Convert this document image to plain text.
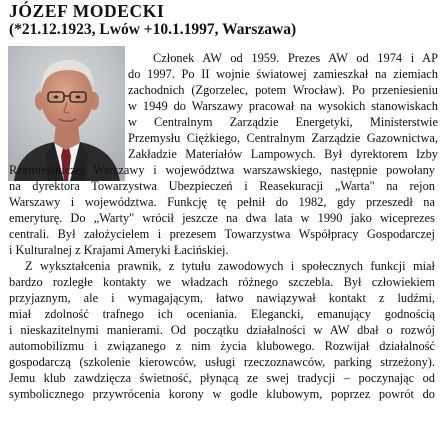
JÓZEF MODECKI

(*21.12.1923, Lwów +10.1.1997, Warszawa)

Członek AW od 1959. Prezes AW od 1974 i AP
do 1997. Po II wojnie światowej zamieszkał na ziemiach
zachodnich (Zgorzelec, potem Wrocław). Po przeniesieniu
w 1949 do Warszawy pracował na wysokich stanowiskach
w Centralnym Zarządzie Energetyki, Ministerstwie
Przemysłu Ciężkiego, Centralnym Zarządzie Gazownictwa,
Zakładzie Materiałów Lampowych. Był dyrektorem Izby
Rzemieślniczej Warszawy i województwa warszawskiego, następnie powołany
na dyrektora Towarzystwa Ubezpieczeń i Reasekuracji „Warta" na rejon
Warszawy i województwa. Funkcję tę pełnił do 1982, gdy przeszedł na
emeryturę. Do „Warty" wrócił jeszcze na dwa lata w 1990 jako wiceprezes
centrali. Był założycielem i prezesem Towarzystwa Współpracy Gospodarczej
i Kulturalnej z Krajami Ameryki Łacińskiej.
Z wykształcenia prawnik, z tytułu zawodowych i społecznych funkcji miał
bardzo rozległe kontakty we władzach różnego szczebla. Był człowiekiem
przyjaznym, ale i wymagającym, łatwo nawiązywał kontakt z ludźmi,
miał zdolność trafnego ich oceniania. Elegancki, emanujący godnością
i nieskazitelnymi manierami. Od początku działalności w AW dbał o rozwój
automobilizmu i związanego z nim życia klubowego. Rozwijał działalność
gospodarczą (szkolenie kierowców, usługi rzeczoznawców, parking strzeżony).
Jemu klub zawdzięcza świetność, płynącą ze swej tradycji – poczynając od
symbolicznego przywrócenia korony w godle klubowym, poprzez powrót do
